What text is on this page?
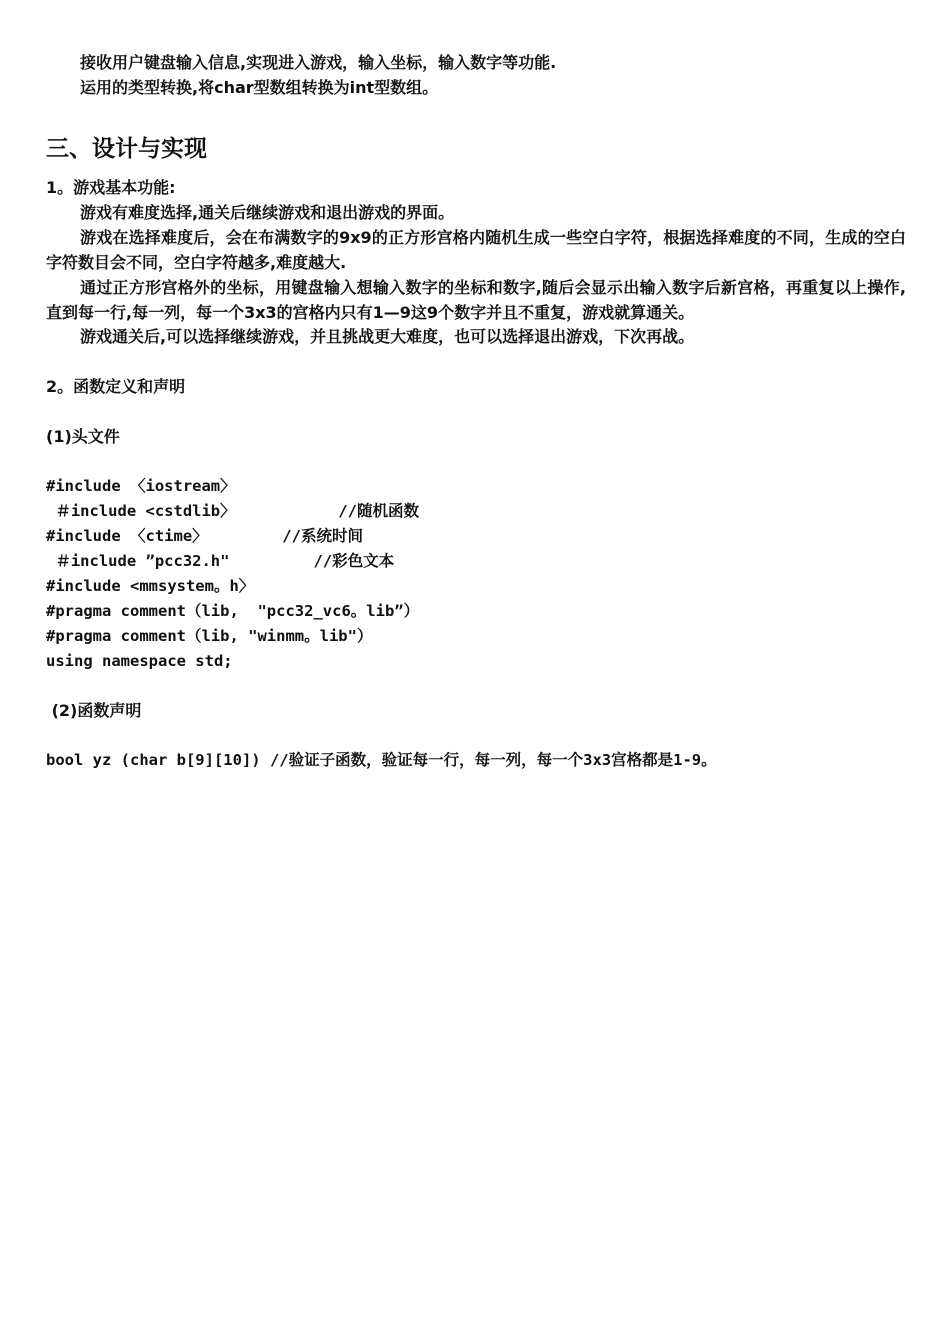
接收用户键盘输入信息,实现进入游戏，输入坐标，输入数字等功能.
运用的类型转换,将char型数组转换为int型数组。
三、设计与实现
1。游戏基本功能:
游戏有难度选择,通关后继续游戏和退出游戏的界面。
游戏在选择难度后，会在布满数字的9x9的正方形宫格内随机生成一些空白字符，根据选择难度的不同，生成的空白字符数目会不同，空白字符越多,难度越大.
通过正方形宫格外的坐标，用键盘输入想输入数字的坐标和数字,随后会显示出输入数字后新宫格，再重复以上操作,直到每一行,每一列，每一个3x3的宫格内只有1—9这9个数字并且不重复，游戏就算通关。
游戏通关后,可以选择继续游戏，并且挑战更大难度，也可以选择退出游戏，下次再战。
2。函数定义和声明
(1)头文件
#include 〈iostream〉
＃include <cstdlib〉           //随机函数
#include 〈ctime〉        //系统时间
＃include ”pcc32.h"         //彩色文本
#include <mmsystem。h〉
#pragma comment（lib,  "pcc32_vc6。lib”）
#pragma comment（lib, "winmm。lib"）
using namespace std;
(2)函数声明
bool yz (char b[9][10]) //验证子函数，验证每一行，每一列，每一个3x3宫格都是1-9。
